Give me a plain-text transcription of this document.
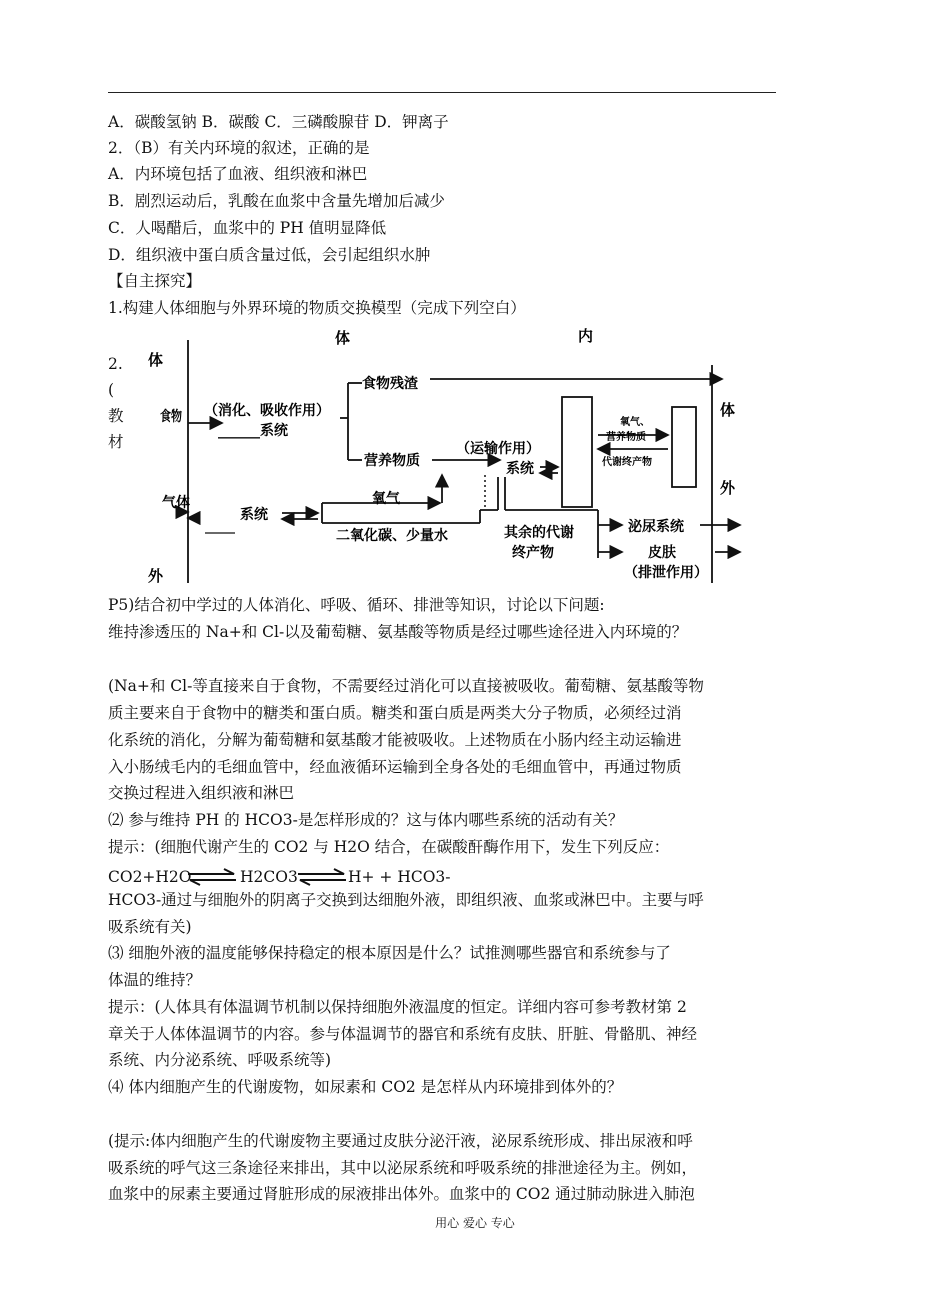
A．碳酸氢钠 B．碳酸 C．三磷酸腺苷 D．钾离子
2．（B）有关内环境的叙述，正确的是
A．内环境包括了血液、组织液和淋巴
B．剧烈运动后，乳酸在血浆中含量先增加后减少
C．人喝醋后，血浆中的 PH 值明显降低
D．组织液中蛋白质含量过低，会引起组织水肿
【自主探究】
1.构建人体细胞与外界环境的物质交换模型（完成下列空白）
2.
(
教
材
体	内
体
外
食物
气体
（消化、吸收作用）
______系统
食物残渣
营养物质
（运输作用）
系统
氧气
二氧化碳、少量水
系统
其余的代谢
终产物
泌尿系统
皮肤
（排泄作用）
氧气、
营养物质
代谢终产物
体
外
P5)结合初中学过的人体消化、呼吸、循环、排泄等知识，讨论以下问题:
维持渗透压的 Na+和 Cl-以及葡萄糖、氨基酸等物质是经过哪些途径进入内环境的？
(Na+和 Cl-等直接来自于食物，不需要经过消化可以直接被吸收。葡萄糖、氨基酸等物
质主要来自于食物中的糖类和蛋白质。糖类和蛋白质是两类大分子物质，必须经过消
化系统的消化，分解为葡萄糖和氨基酸才能被吸收。上述物质在小肠内经主动运输进
入小肠绒毛内的毛细血管中，经血液循环运输到全身各处的毛细血管中，再通过物质
交换过程进入组织液和淋巴
⑵ 参与维持 PH 的 HCO3-是怎样形成的？这与体内哪些系统的活动有关？
提示：(细胞代谢产生的 CO2 与 H2O 结合，在碳酸酐酶作用下，发生下列反应：
CO2+H2O ⇌ H2CO3 ⇌ H+ + HCO3-
HCO3-通过与细胞外的阴离子交换到达细胞外液，即组织液、血浆或淋巴中。主要与呼
吸系统有关)
⑶ 细胞外液的温度能够保持稳定的根本原因是什么？试推测哪些器官和系统参与了
体温的维持？
提示：(人体具有体温调节机制以保持细胞外液温度的恒定。详细内容可参考教材第 2
章关于人体体温调节的内容。参与体温调节的器官和系统有皮肤、肝脏、骨骼肌、神经
系统、内分泌系统、呼吸系统等)
⑷ 体内细胞产生的代谢废物，如尿素和 CO2 是怎样从内环境排到体外的？
(提示:体内细胞产生的代谢废物主要通过皮肤分泌汗液，泌尿系统形成、排出尿液和呼
吸系统的呼气这三条途径来排出，其中以泌尿系统和呼吸系统的排泄途径为主。例如，
血浆中的尿素主要通过肾脏形成的尿液排出体外。血浆中的 CO2 通过肺动脉进入肺泡
用心 爱心 专心
